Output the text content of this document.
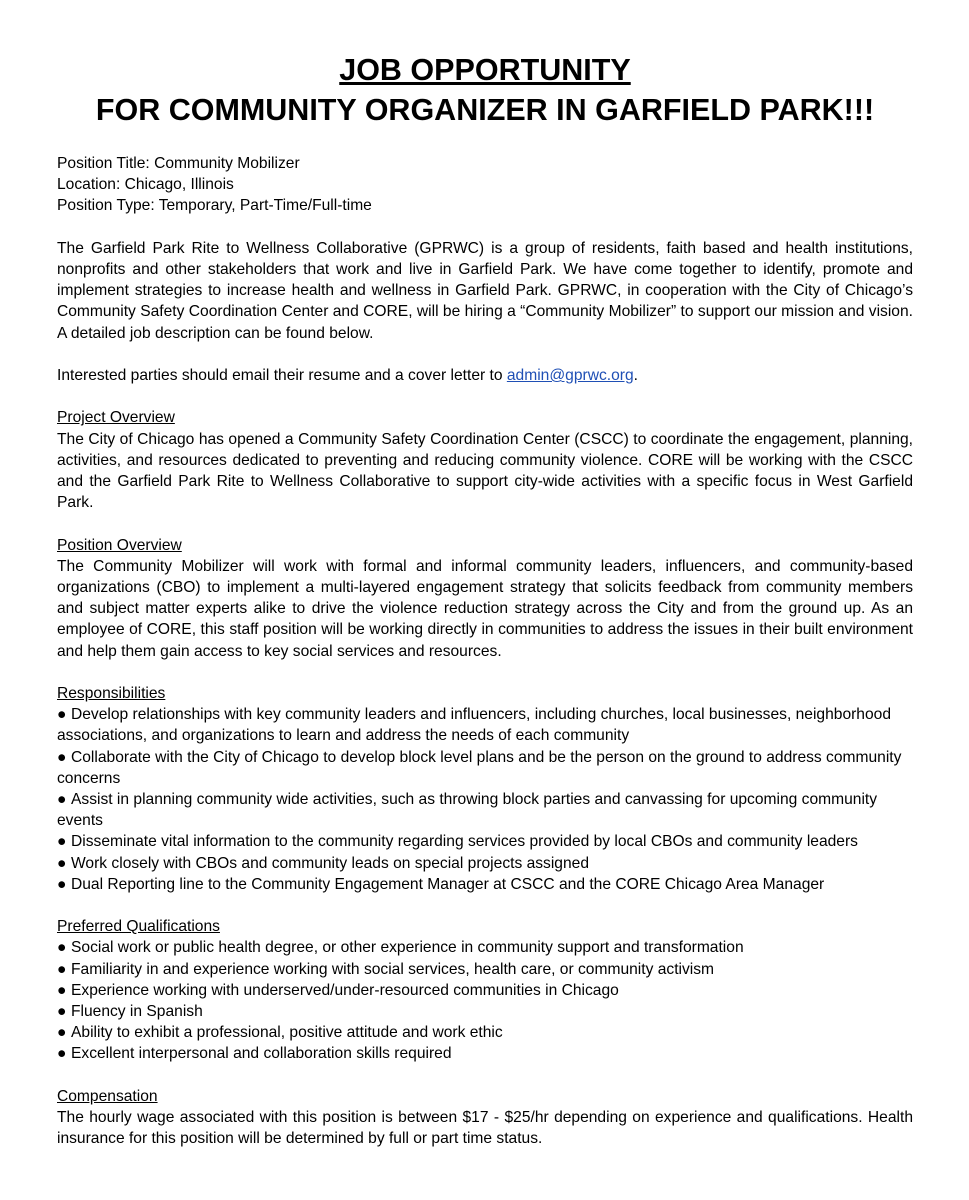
JOB OPPORTUNITY
FOR COMMUNITY ORGANIZER IN GARFIELD PARK!!!

Position Title: Community Mobilizer

Location: Chicago, Illinois

Position Type: Temporary, Part-Time/Full-time

The Garfield Park Rite to Wellness Collaborative (GPRWC) is a group of residents, faith based and health institutions, nonprofits and other stakeholders that work and live in Garfield Park. We have come together to identify, promote and implement strategies to increase health and wellness in Garfield Park. GPRWC, in cooperation with the City of Chicago’s Community Safety Coordination Center and CORE, will be hiring a “Community Mobilizer” to support our mission and vision. A detailed job description can be found below.

Interested parties should email their resume and a cover letter to admin@gprwc.org.

Project Overview

The City of Chicago has opened a Community Safety Coordination Center (CSCC) to coordinate the engagement, planning, activities, and resources dedicated to preventing and reducing community violence. CORE will be working with the CSCC and the Garfield Park Rite to Wellness Collaborative to support city-wide activities with a specific focus in West Garfield Park.

Position Overview

The Community Mobilizer will work with formal and informal community leaders, influencers, and community-based organizations (CBO) to implement a multi-layered engagement strategy that solicits feedback from community members and subject matter experts alike to drive the violence reduction strategy across the City and from the ground up. As an employee of CORE, this staff position will be working directly in communities to address the issues in their built environment and help them gain access to key social services and resources.

Responsibilities

● Develop relationships with key community leaders and influencers, including churches, local businesses, neighborhood associations, and organizations to learn and address the needs of each community
● Collaborate with the City of Chicago to develop block level plans and be the person on the ground to address community concerns
● Assist in planning community wide activities, such as throwing block parties and canvassing for upcoming community events
● Disseminate vital information to the community regarding services provided by local CBOs and community leaders
● Work closely with CBOs and community leads on special projects assigned
● Dual Reporting line to the Community Engagement Manager at CSCC and the CORE Chicago Area Manager

Preferred Qualifications

● Social work or public health degree, or other experience in community support and transformation
● Familiarity in and experience working with social services, health care, or community activism
● Experience working with underserved/under-resourced communities in Chicago
● Fluency in Spanish
● Ability to exhibit a professional, positive attitude and work ethic
● Excellent interpersonal and collaboration skills required

Compensation

The hourly wage associated with this position is between $17 - $25/hr depending on experience and qualifications. Health insurance for this position will be determined by full or part time status.
